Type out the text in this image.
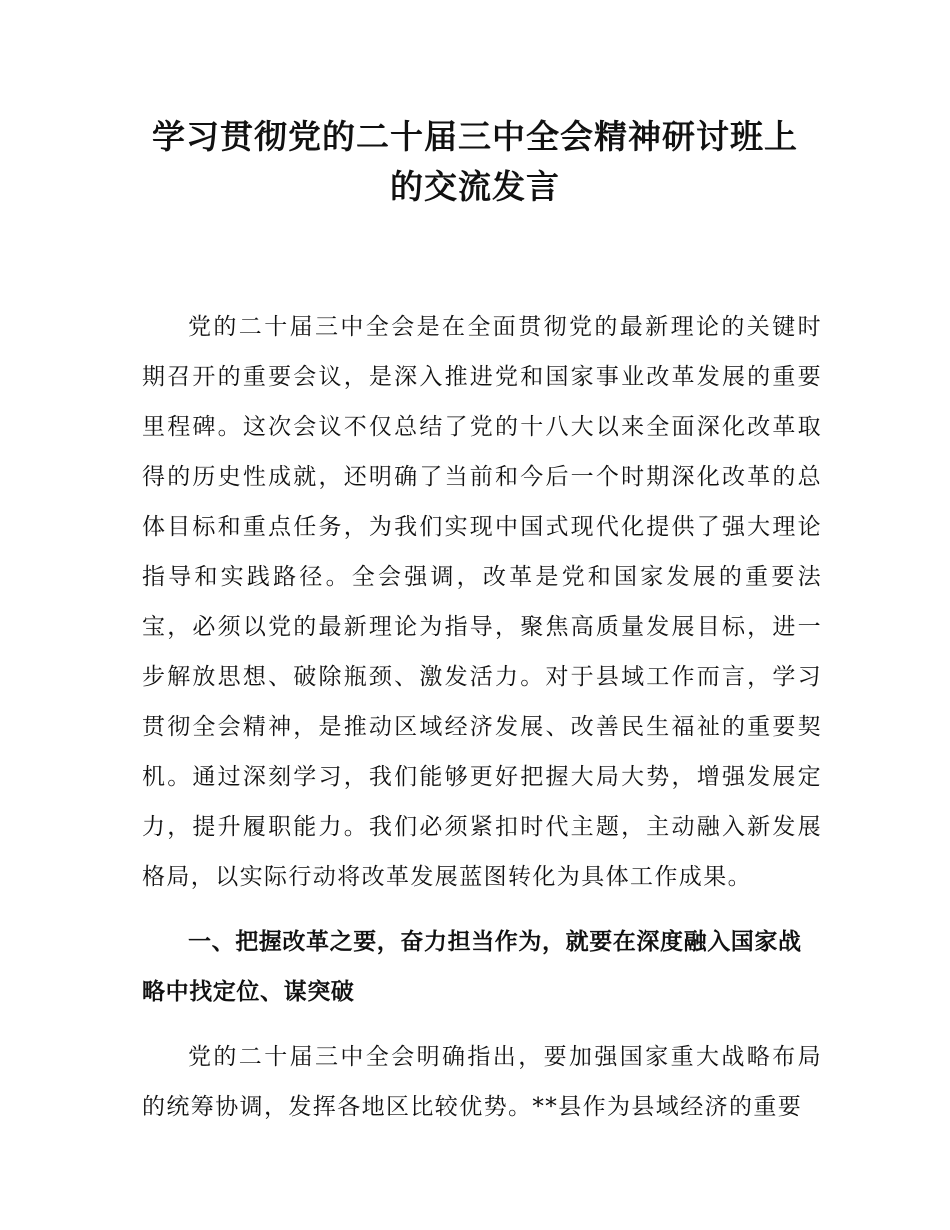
学习贯彻党的二十届三中全会精神研讨班上
的交流发言

党的二十届三中全会是在全面贯彻党的最新理论的关键时期召开的重要会议，是深入推进党和国家事业改革发展的重要里程碑。这次会议不仅总结了党的十八大以来全面深化改革取得的历史性成就，还明确了当前和今后一个时期深化改革的总体目标和重点任务，为我们实现中国式现代化提供了强大理论指导和实践路径。全会强调，改革是党和国家发展的重要法宝，必须以党的最新理论为指导，聚焦高质量发展目标，进一步解放思想、破除瓶颈、激发活力。对于县域工作而言，学习贯彻全会精神，是推动区域经济发展、改善民生福祉的重要契机。通过深刻学习，我们能够更好把握大局大势，增强发展定力，提升履职能力。我们必须紧扣时代主题，主动融入新发展格局，以实际行动将改革发展蓝图转化为具体工作成果。

一、把握改革之要，奋力担当作为，就要在深度融入国家战略中找定位、谋突破

党的二十届三中全会明确指出，要加强国家重大战略布局的统筹协调，发挥各地区比较优势。**县作为县域经济的重要
